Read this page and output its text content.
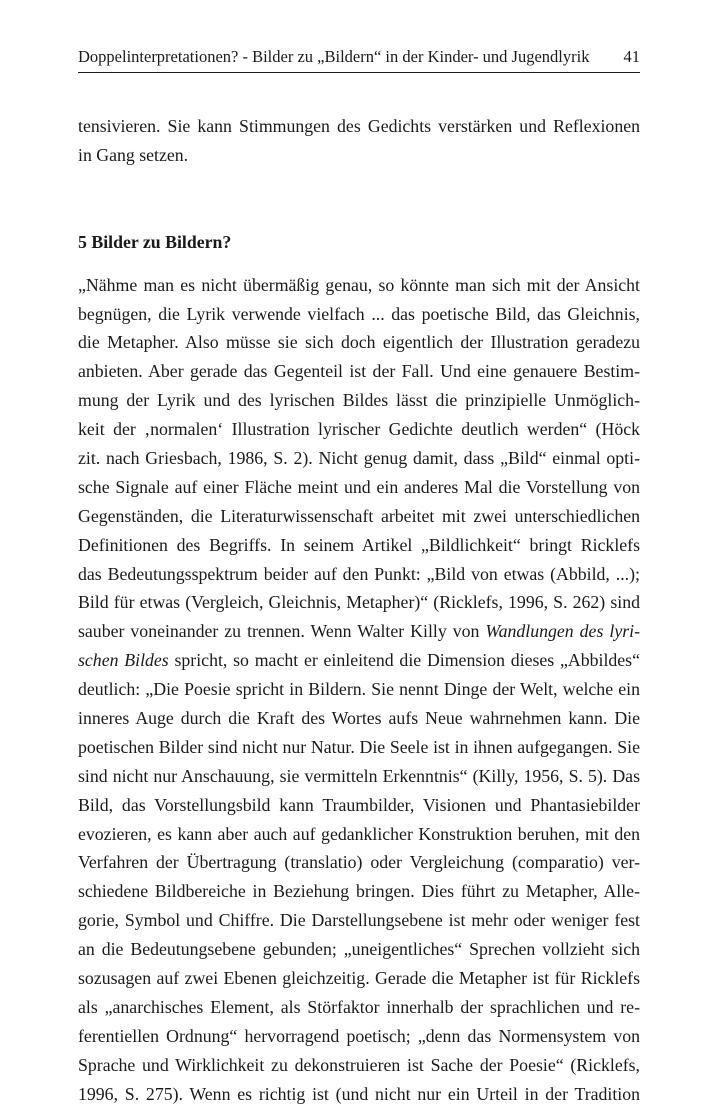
Doppelinterpretationen? - Bilder zu „Bildern“ in der Kinder- und Jugendlyrik 41
tensivieren. Sie kann Stimmungen des Gedichts verstärken und Reflexionen
in Gang setzen.
5 Bilder zu Bildern?
„Nähme man es nicht übermäßig genau, so könnte man sich mit der Ansicht
begnügen, die Lyrik verwende vielfach ... das poetische Bild, das Gleichnis,
die Metapher. Also müsse sie sich doch eigentlich der Illustration geradezu
anbieten. Aber gerade das Gegenteil ist der Fall. Und eine genauere Bestim-
mung der Lyrik und des lyrischen Bildes lässt die prinzipielle Unmöglich-
keit der ‚normalen‘ Illustration lyrischer Gedichte deutlich werden“ (Höck
zit. nach Griesbach, 1986, S. 2). Nicht genug damit, dass „Bild“ einmal opti-
sche Signale auf einer Fläche meint und ein anderes Mal die Vorstellung von
Gegenständen, die Literaturwissenschaft arbeitet mit zwei unterschiedlichen
Definitionen des Begriffs. In seinem Artikel „Bildlichkeit“ bringt Ricklefs
das Bedeutungsspektrum beider auf den Punkt: „Bild von etwas (Abbild, ...);
Bild für etwas (Vergleich, Gleichnis, Metapher)“ (Ricklefs, 1996, S. 262) sind
sauber voneinander zu trennen. Wenn Walter Killy von Wandlungen des lyri-
schen Bildes spricht, so macht er einleitend die Dimension dieses „Abbildes“
deutlich: „Die Poesie spricht in Bildern. Sie nennt Dinge der Welt, welche ein
inneres Auge durch die Kraft des Wortes aufs Neue wahrnehmen kann. Die
poetischen Bilder sind nicht nur Natur. Die Seele ist in ihnen aufgegangen. Sie
sind nicht nur Anschauung, sie vermitteln Erkenntnis“ (Killy, 1956, S. 5). Das
Bild, das Vorstellungsbild kann Traumbilder, Visionen und Phantasiebilder
evozieren, es kann aber auch auf gedanklicher Konstruktion beruhen, mit den
Verfahren der Übertragung (translatio) oder Vergleichung (comparatio) ver-
schiedene Bildbereiche in Beziehung bringen. Dies führt zu Metapher, Alle-
gorie, Symbol und Chiffre. Die Darstellungsebene ist mehr oder weniger fest
an die Bedeutungsebene gebunden; „uneigentliches“ Sprechen vollzieht sich
sozusagen auf zwei Ebenen gleichzeitig. Gerade die Metapher ist für Ricklefs
als „anarchisches Element, als Störfaktor innerhalb der sprachlichen und re-
ferentiellen Ordnung“ hervorragend poetisch; „denn das Normensystem von
Sprache und Wirklichkeit zu dekonstruieren ist Sache der Poesie“ (Ricklefs,
1996, S. 275). Wenn es richtig ist (und nicht nur ein Urteil in der Tradition
